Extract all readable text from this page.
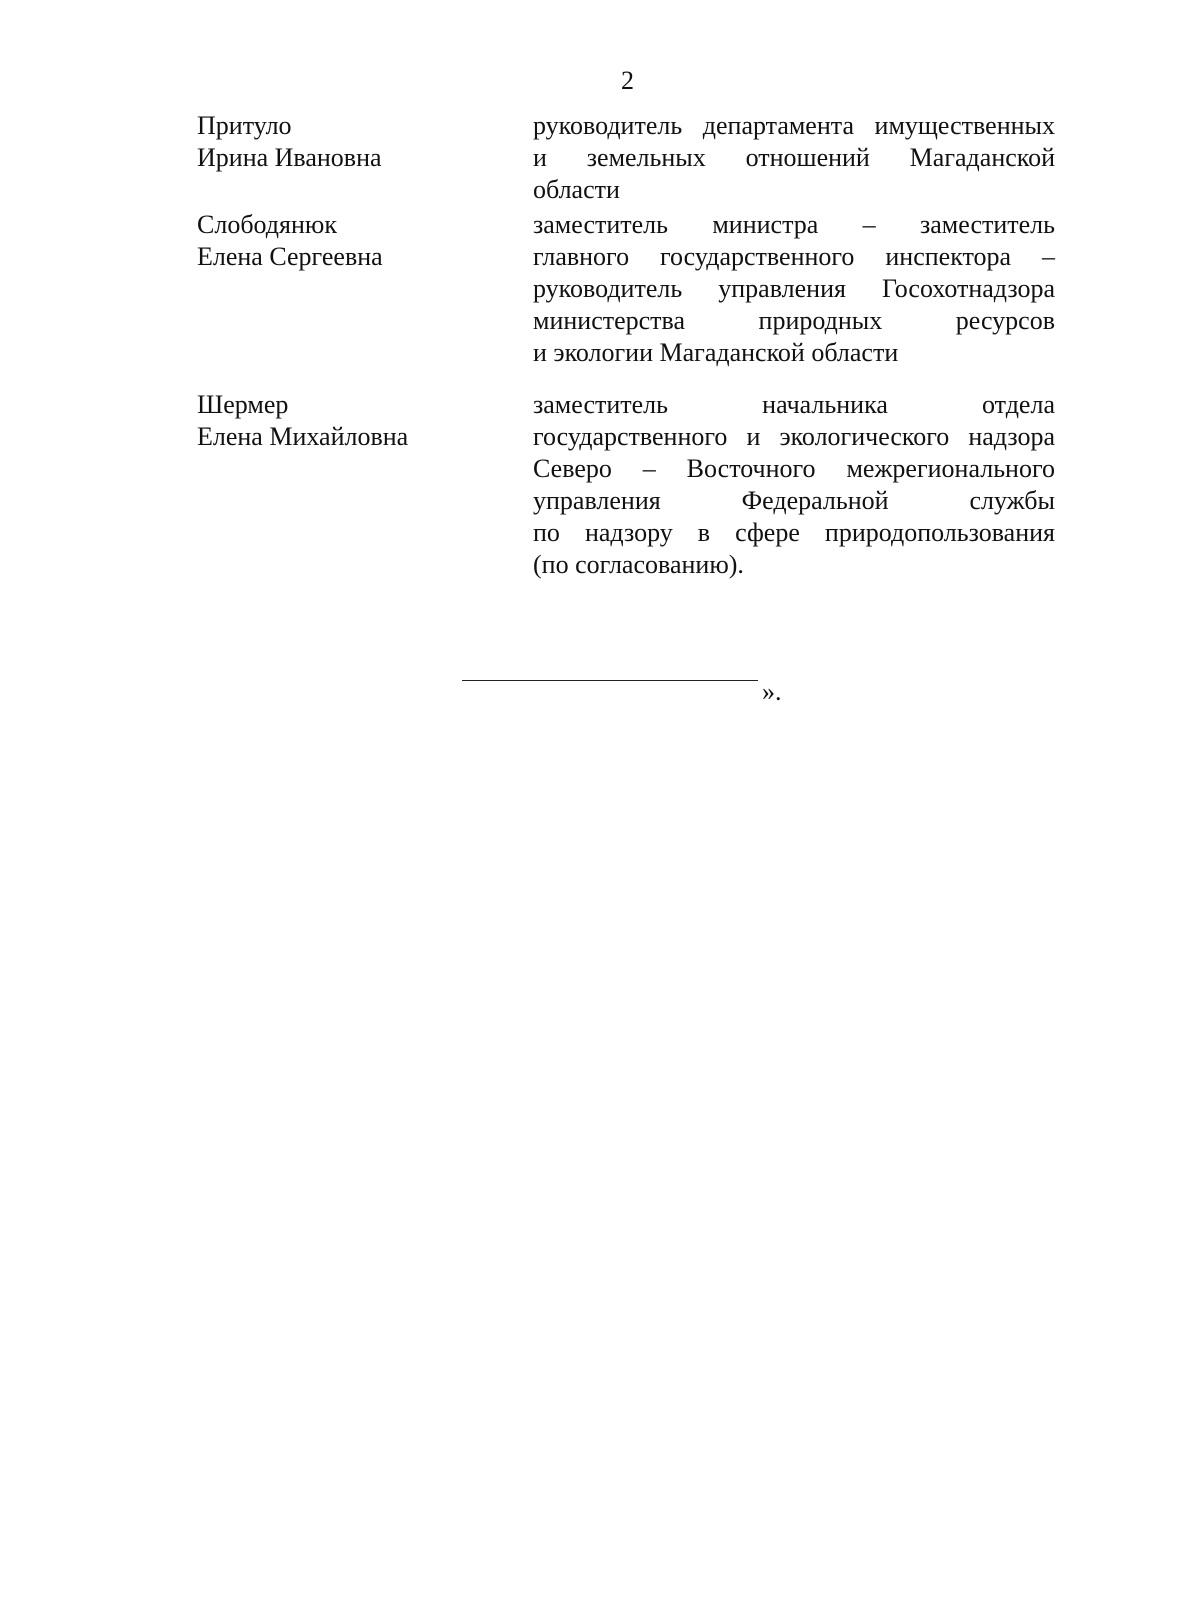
2
Притуло
Ирина Ивановна
руководитель департамента имущественных
и земельных отношений Магаданской
области
Слободянюк
Елена Сергеевна
заместитель министра – заместитель
главного государственного инспектора –
руководитель управления Госохотнадзора
министерства природных ресурсов
и экологии Магаданской области
Шермер
Елена Михайловна
заместитель начальника отдела
государственного и экологического надзора
Северо – Восточного межрегионального
управления Федеральной службы
по надзору в сфере природопользования
(по согласованию).
».
